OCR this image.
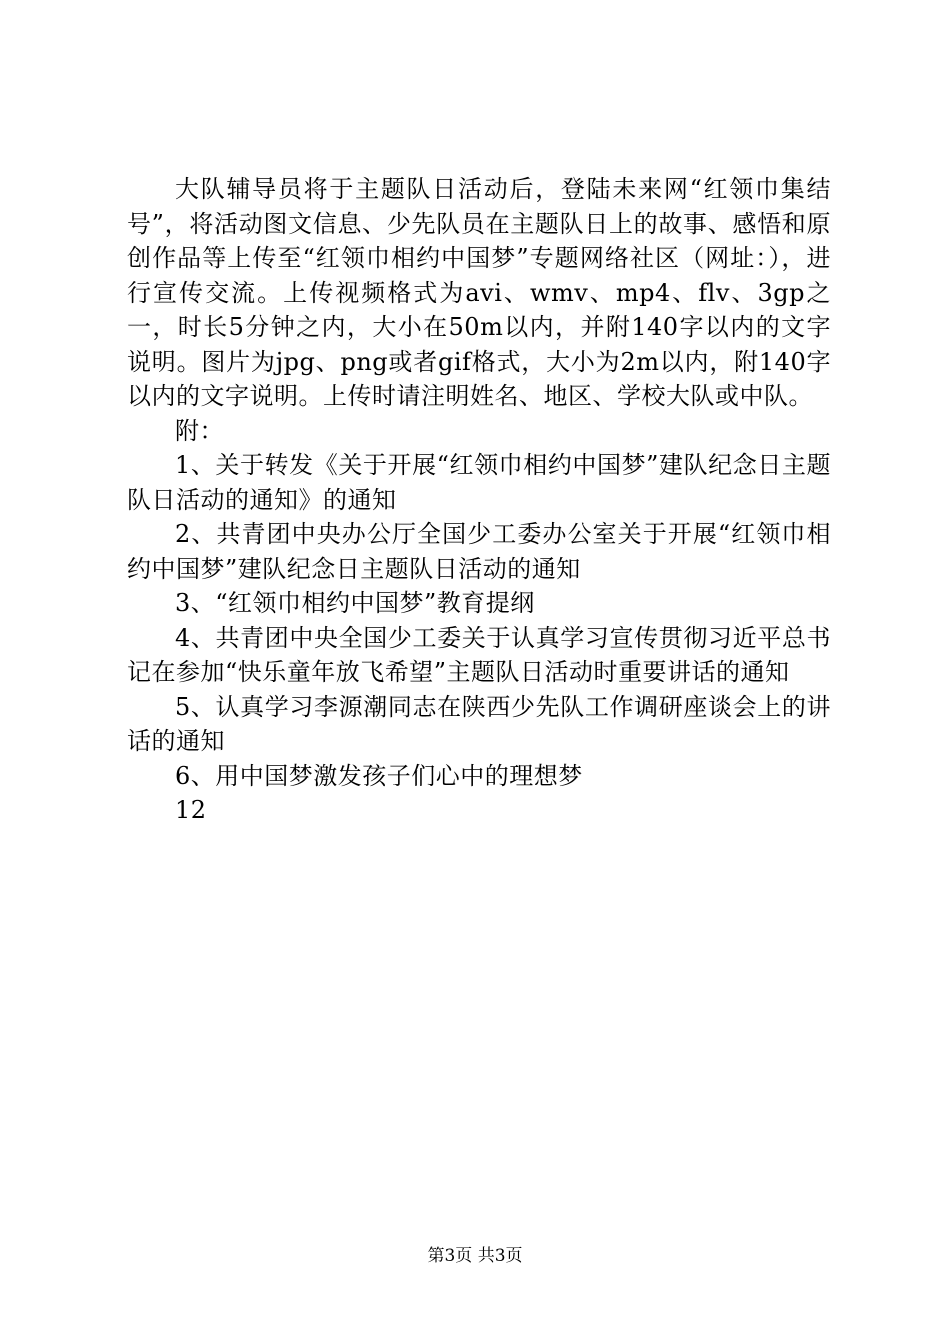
大队辅导员将于主题队日活动后，登陆未来网“红领巾集结号”，将活动图文信息、少先队员在主题队日上的故事、感悟和原创作品等上传至“红领巾相约中国梦”专题网络社区（网址：），进行宣传交流。上传视频格式为avi、wmv、mp4、flv、3gp之一，时长5分钟之内，大小在50m以内，并附140字以内的文字说明。图片为jpg、png或者gif格式，大小为2m以内，附140字以内的文字说明。上传时请注明姓名、地区、学校大队或中队。

附：

1、关于转发《关于开展“红领巾相约中国梦”建队纪念日主题队日活动的通知》的通知

2、共青团中央办公厅全国少工委办公室关于开展“红领巾相约中国梦”建队纪念日主题队日活动的通知

3、“红领巾相约中国梦”教育提纲

4、共青团中央全国少工委关于认真学习宣传贯彻习近平总书记在参加“快乐童年放飞希望”主题队日活动时重要讲话的通知

5、认真学习李源潮同志在陕西少先队工作调研座谈会上的讲话的通知

6、用中国梦激发孩子们心中的理想梦

12

第3页 共3页
